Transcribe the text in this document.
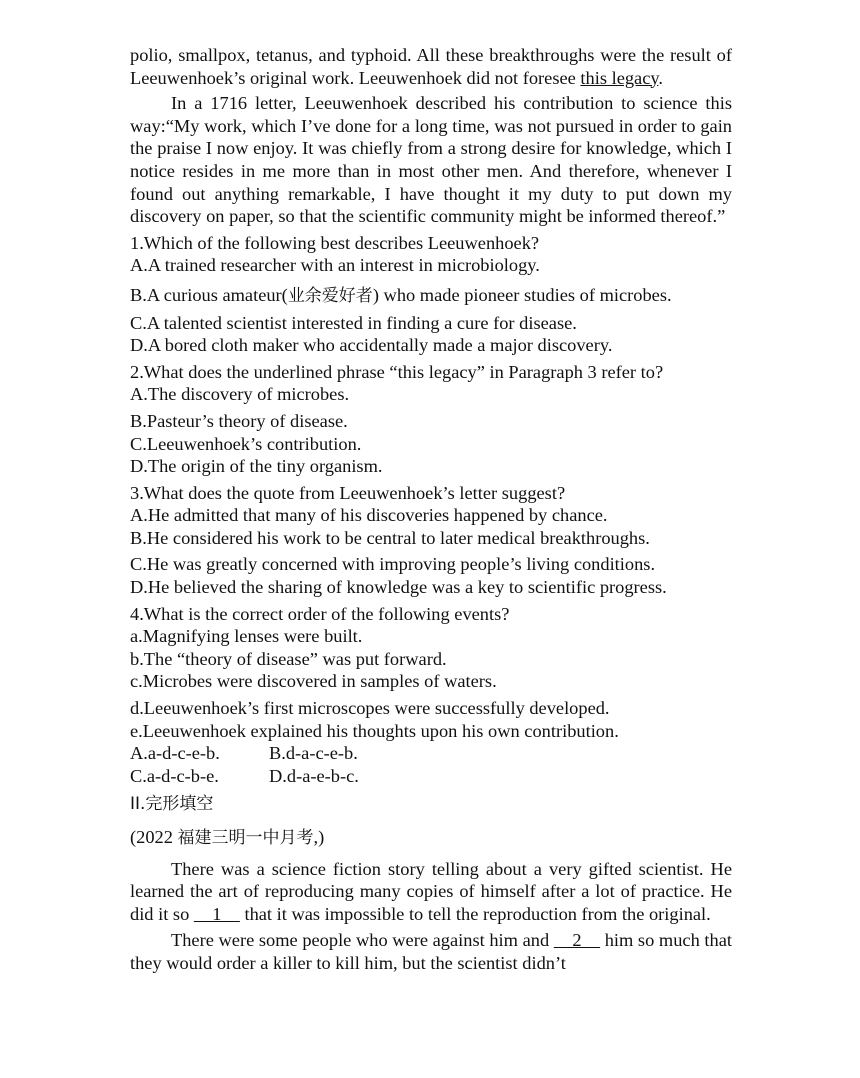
polio, smallpox, tetanus, and typhoid. All these breakthroughs were the result of Leeuwenhoek’s original work. Leeuwenhoek did not foresee this legacy.

In a 1716 letter, Leeuwenhoek described his contribution to science this way:“My work, which I’ve done for a long time, was not pursued in order to gain the praise I now enjoy. It was chiefly from a strong desire for knowledge, which I notice resides in me more than in most other men. And therefore, whenever I found out anything remarkable, I have thought it my duty to put down my discovery on paper, so that the scientific community might be informed thereof.”

1.Which of the following best describes Leeuwenhoek?

A.A trained researcher with an interest in microbiology.

B.A curious amateur(业余爱好者) who made pioneer studies of microbes.

C.A talented scientist interested in finding a cure for disease.

D.A bored cloth maker who accidentally made a major discovery.

2.What does the underlined phrase “this legacy” in Paragraph 3 refer to?

A.The discovery of microbes.

B.Pasteur’s theory of disease.

C.Leeuwenhoek’s contribution.

D.The origin of the tiny organism.

3.What does the quote from Leeuwenhoek’s letter suggest?

A.He admitted that many of his discoveries happened by chance.

B.He considered his work to be central to later medical breakthroughs.

C.He was greatly concerned with improving people’s living conditions.

D.He believed the sharing of knowledge was a key to scientific progress.

4.What is the correct order of the following events?

a.Magnifying lenses were built.

b.The “theory of disease” was put forward.

c.Microbes were discovered in samples of waters.

d.Leeuwenhoek’s first microscopes were successfully developed.

e.Leeuwenhoek explained his thoughts upon his own contribution.

A.a-d-c-e-b.	B.d-a-c-e-b.
C.a-d-c-b-e.	D.d-a-e-b-c.

II.完形填空

(2022 福建三明一中月考,)

There was a science fiction story telling about a very gifted scientist. He learned the art of reproducing many copies of himself after a lot of practice. He did it so     1     that it was impossible to tell the reproduction from the original.

There were some people who were against him and     2     him so much that they would order a killer to kill him, but the scientist didn’t
